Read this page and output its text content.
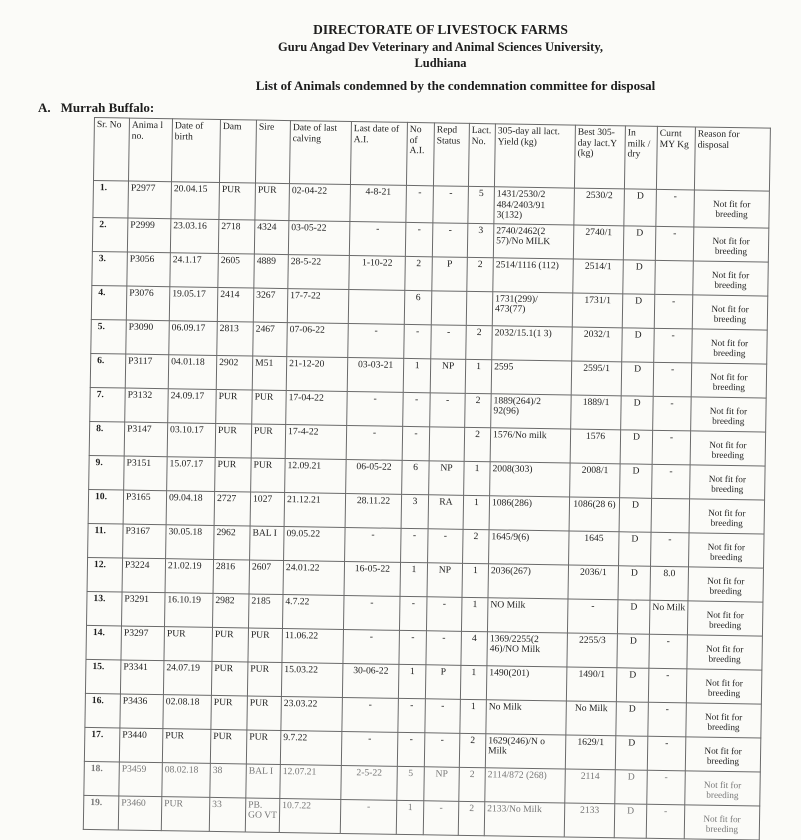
DIRECTORATE OF LIVESTOCK FARMS
Guru Angad Dev Veterinary and Animal Sciences University,
Ludhiana
List of Animals condemned by the condemnation committee for disposal
A. Murrah Buffalo:
Sr. No	Anima l no.	Date of birth	Dam	Sire	Date of last calving	Last date of A.I.	No of A.I.	Repd Status	Lact. No.	305-day all lact. Yield (kg)	Best 305-day lact.Y (kg)	In milk / dry	Curnt MY Kg	Reason for disposal
1.	P2977	20.04.15	PUR	PUR	02-04-22	4-8-21	-	-	5	1431/2530/2 484/2403/91 3(132)	2530/2	D	-	Not fit for breeding
2.	P2999	23.03.16	2718	4324	03-05-22	-	-	-	3	2740/2462(2 57)/No MILK	2740/1	D	-	Not fit for breeding
3.	P3056	24.1.17	2605	4889	28-5-22	1-10-22	2	P	2	2514/1116 (112)	2514/1	D		Not fit for breeding
4.	P3076	19.05.17	2414	3267	17-7-22		6			1731(299)/ 473(77)	1731/1	D	-	Not fit for breeding
5.	P3090	06.09.17	2813	2467	07-06-22	-	-	-	2	2032/15.1(1 3)	2032/1	D	-	Not fit for breeding
6.	P3117	04.01.18	2902	M51	21-12-20	03-03-21	1	NP	1	2595	2595/1	D	-	Not fit for breeding
7.	P3132	24.09.17	PUR	PUR	17-04-22	-	-	-	2	1889(264)/2 92(96)	1889/1	D	-	Not fit for breeding
8.	P3147	03.10.17	PUR	PUR	17-4-22	-	-		2	1576/No milk	1576	D	-	Not fit for breeding
9.	P3151	15.07.17	PUR	PUR	12.09.21	06-05-22	6	NP	1	2008(303)	2008/1	D	-	Not fit for breeding
10.	P3165	09.04.18	2727	1027	21.12.21	28.11.22	3	RA	1	1086(286)	1086(28 6)	D		Not fit for breeding
11.	P3167	30.05.18	2962	BAL I	09.05.22	-	-	-	2	1645/9(6)	1645	D	-	Not fit for breeding
12.	P3224	21.02.19	2816	2607	24.01.22	16-05-22	1	NP	1	2036(267)	2036/1	D	8.0	Not fit for breeding
13.	P3291	16.10.19	2982	2185	4.7.22	-	-	-	1	NO Milk	-	D	No Milk	Not fit for breeding
14.	P3297	PUR	PUR	PUR	11.06.22	-	-	-	4	1369/2255(2 46)/NO Milk	2255/3	D	-	Not fit for breeding
15.	P3341	24.07.19	PUR	PUR	15.03.22	30-06-22	1	P	1	1490(201)	1490/1	D	-	Not fit for breeding
16.	P3436	02.08.18	PUR	PUR	23.03.22	-	-	-	1	No Milk	No Milk	D	-	Not fit for breeding
17.	P3440	PUR	PUR	PUR	9.7.22	-	-	-	2	1629(246)/N o Milk	1629/1	D	-	Not fit for breeding
18.	P3459	08.02.18	38	BAL I	12.07.21	2-5-22	5	NP	2	2114/872 (268)	2114	D	-	Not fit for breeding
19.	P3460	PUR	33	PB. GO VT	10.7.22	-	1	-	2	2133/No Milk	2133	D	-	Not fit for breeding
